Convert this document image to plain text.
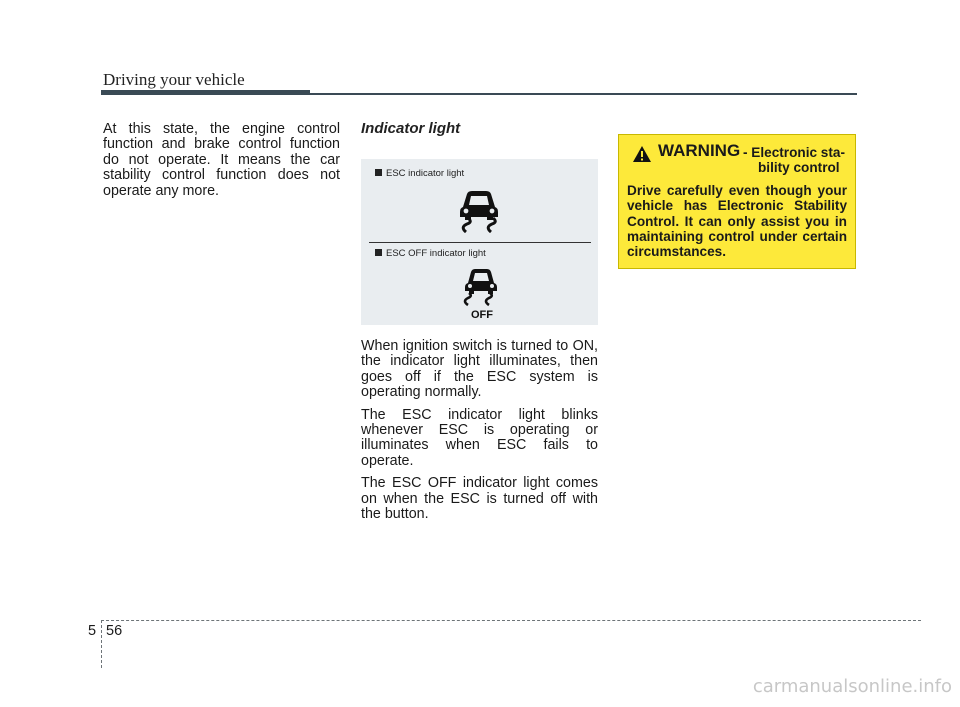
Driving your vehicle

At this state, the engine control function and brake control function do not operate. It means the car stability control function does not operate any more.

Indicator light
ESC indicator light
ESC OFF indicator light
OFF

When ignition switch is turned to ON, the indicator light illuminates, then goes off if the ESC system is operating normally.

The ESC indicator light blinks whenever ESC is operating or illuminates when ESC fails to operate.

The ESC OFF indicator light comes on when the ESC is turned off with the button.

WARNING - Electronic sta-
bility control
Drive carefully even though your vehicle has Electronic Stability Control. It can only assist you in maintaining control under certain circumstances.
5 56
carmanualsonline.info
